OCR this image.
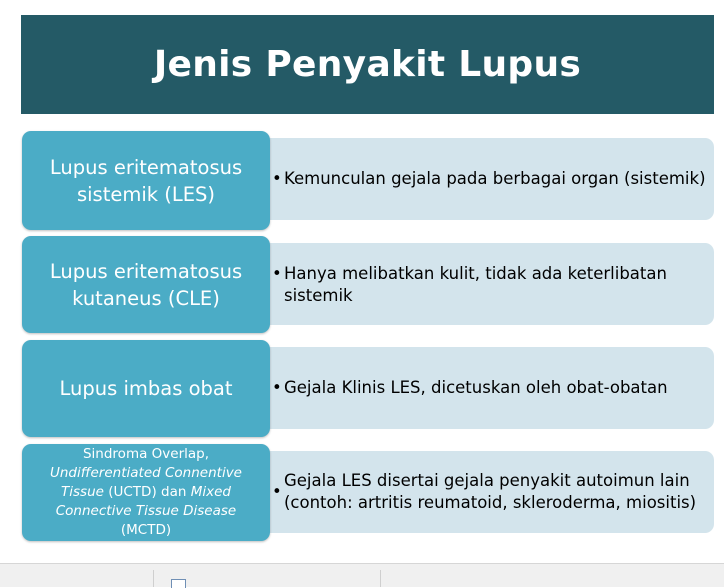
Jenis Penyakit Lupus
Lupus eritematosus
sistemik (LES)
• Kemunculan gejala pada berbagai organ (sistemik)
Lupus eritematosus
kutaneus (CLE)
• Hanya melibatkan kulit, tidak ada keterlibatan sistemik
Lupus imbas obat • Gejala Klinis LES, dicetuskan oleh obat-obatan
Sindroma Overlap,
Undifferentiated Connentive Tissue (UCTD) dan Mixed Connective Tissue Disease
(MCTD)
•
Gejala LES disertai gejala penyakit autoimun lain (contoh: artritis reumatoid, skleroderma, miositis)
